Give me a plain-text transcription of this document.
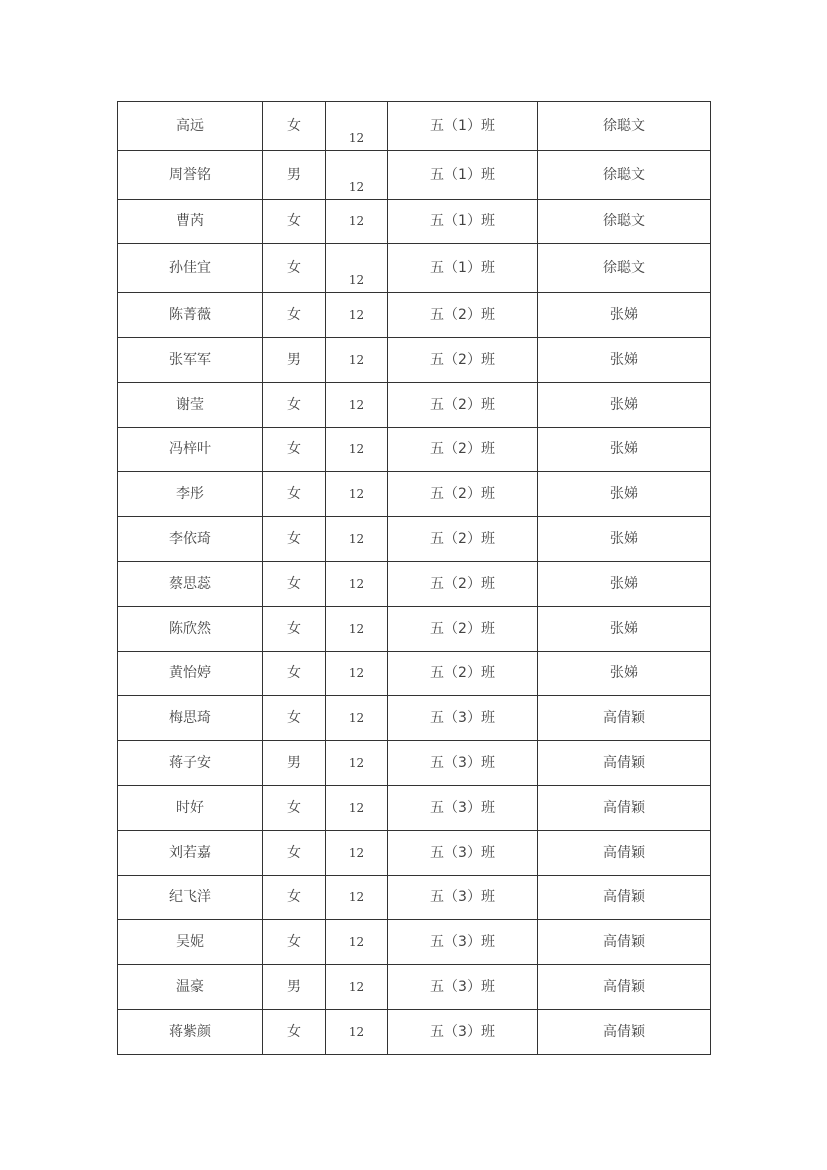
高远	女	12	五（1）班	徐聪文
周誉铭	男	12	五（1）班	徐聪文
曹芮	女	12	五（1）班	徐聪文
孙佳宜	女	12	五（1）班	徐聪文
陈菁薇	女	12	五（2）班	张娣
张军军	男	12	五（2）班	张娣
谢莹	女	12	五（2）班	张娣
冯梓叶	女	12	五（2）班	张娣
李彤	女	12	五（2）班	张娣
李依琦	女	12	五（2）班	张娣
蔡思蕊	女	12	五（2）班	张娣
陈欣然	女	12	五（2）班	张娣
黄怡婷	女	12	五（2）班	张娣
梅思琦	女	12	五（3）班	高倩颖
蒋子安	男	12	五（3）班	高倩颖
时好	女	12	五（3）班	高倩颖
刘若嘉	女	12	五（3）班	高倩颖
纪飞洋	女	12	五（3）班	高倩颖
吴妮	女	12	五（3）班	高倩颖
温豪	男	12	五（3）班	高倩颖
蒋紫颜	女	12	五（3）班	高倩颖
